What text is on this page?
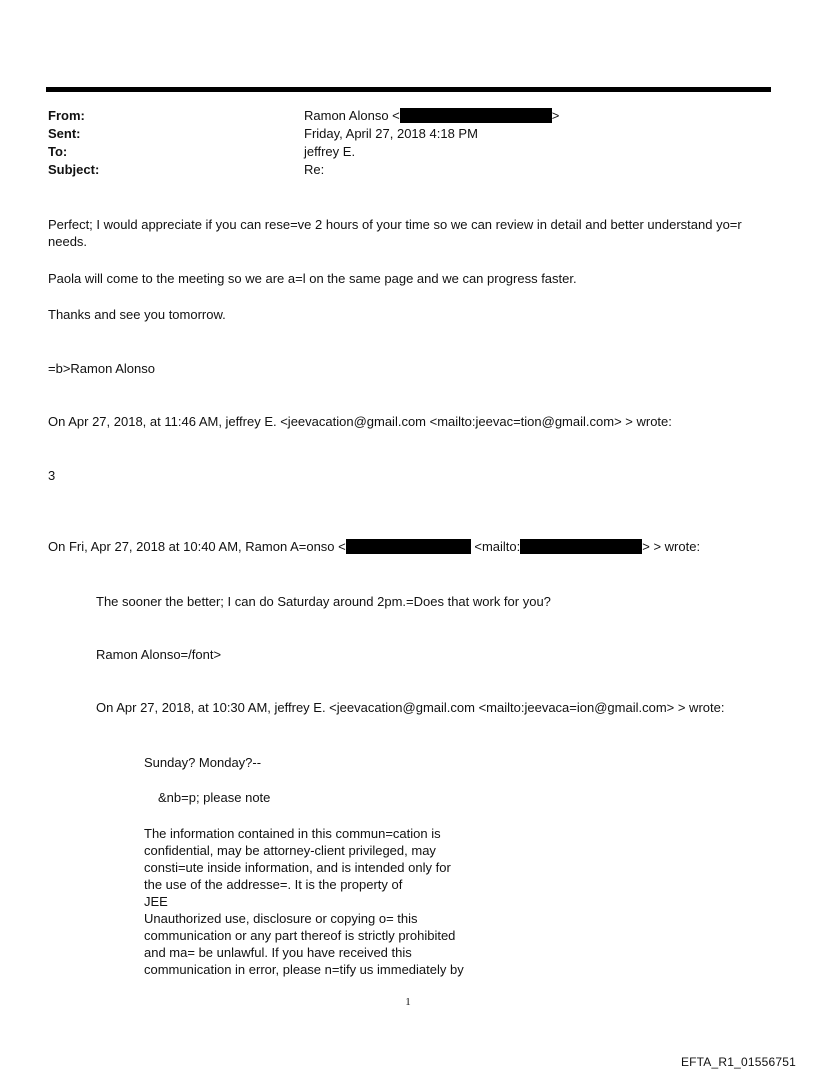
From:	Ramon Alonso <	>
Sent:	Friday, April 27, 2018 4:18 PM
To:	jeffrey E.
Subject:	Re:
Perfect; I would appreciate if you can rese=ve 2 hours of your time so we can review in detail and better understand yo=r needs.
Paola will come to the meeting so we are a=l on the same page and we can progress faster.
Thanks and see you tomorrow.
=b>Ramon Alonso
On Apr 27, 2018, at 11:46 AM, jeffrey E. <jeevacation@gmail.com <mailto:jeevac=tion@gmail.com> > wrote:
3
On Fri, Apr 27, 2018 at 10:40 AM, Ramon A=onso <	<mailto:	> > wrote:
The sooner the better; I can do Saturday around 2pm.=Does that work for you?
Ramon Alonso=/font>
On Apr 27, 2018, at 10:30 AM, jeffrey E. <jeevacation@gmail.com <mailto:jeevaca=ion@gmail.com> > wrote:
Sunday? Monday?--
&nb=p; please note
The information contained in this commun=cation is
confidential, may be attorney-client privileged, may
consti=ute inside information, and is intended only for
the use of the addresse=. It is the property of
JEE
Unauthorized use, disclosure or copying o= this
communication or any part thereof is strictly prohibited
and ma= be unlawful. If you have received this
communication in error, please n=tify us immediately by
1
EFTA_R1_01556751
